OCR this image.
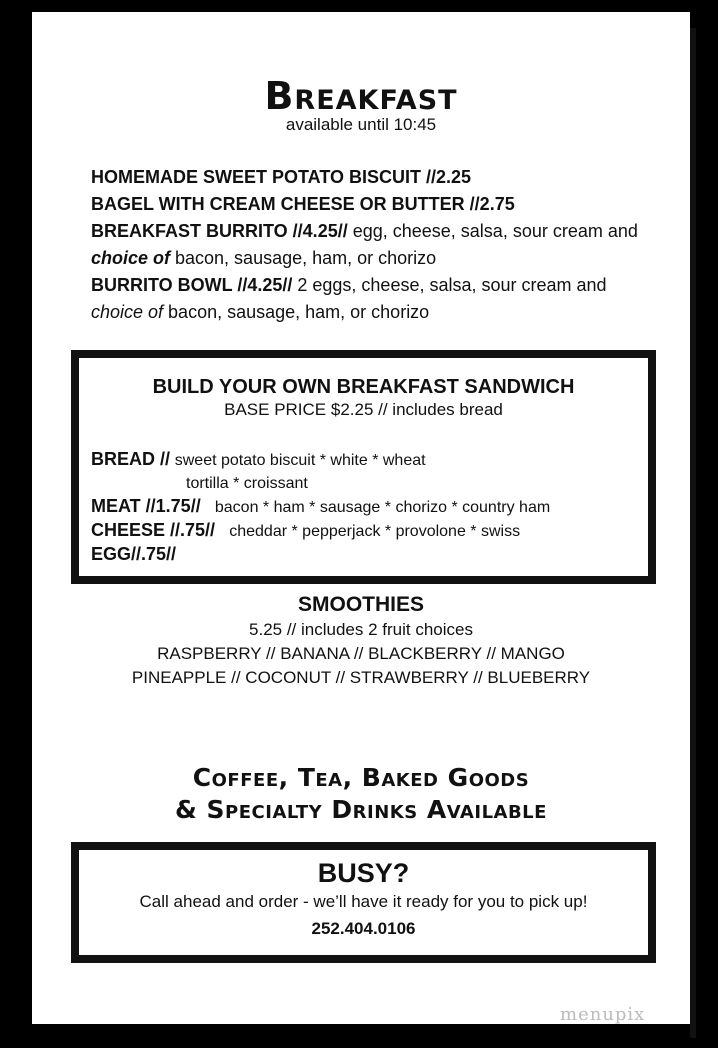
Breakfast
available until 10:45

HOMEMADE SWEET POTATO BISCUIT //2.25

BAGEL WITH CREAM CHEESE OR BUTTER //2.75

BREAKFAST BURRITO //4.25// egg, cheese, salsa, sour cream and choice of bacon, sausage, ham, or chorizo

BURRITO BOWL //4.25// 2 eggs, cheese, salsa, sour cream and choice of bacon, sausage, ham, or chorizo

BUILD YOUR OWN BREAKFAST SANDWICH
BASE PRICE $2.25 // includes bread
BREAD // sweet potato biscuit * white * wheat
tortilla * croissant
MEAT //1.75// bacon * ham * sausage * chorizo * country ham
CHEESE //.75// cheddar * pepperjack * provolone * swiss
EGG//.75//
SMOOTHIES
5.25 // includes 2 fruit choices
RASPBERRY // BANANA // BLACKBERRY // MANGO
PINEAPPLE // COCONUT // STRAWBERRY // BLUEBERRY
Coffee, Tea, Baked Goods
& Specialty Drinks Available
BUSY?
Call ahead and order - we’ll have it ready for you to pick up!
252.404.0106
menupix
